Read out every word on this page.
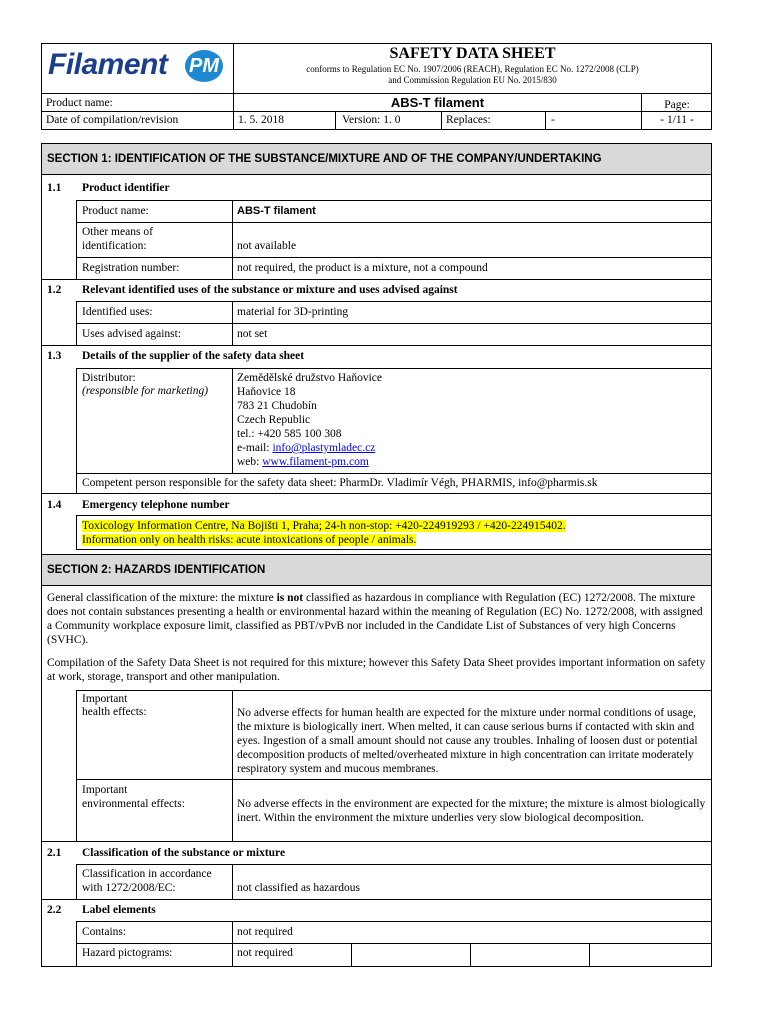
Filament PM
SAFETY DATA SHEET
conforms to Regulation EC No. 1907/2006 (REACH), Regulation EC No. 1272/2008 (CLP)
and Commission Regulation EU No. 2015/830
Product name:	ABS-T filament	Page:
- 1/11 -
Date of compilation/revision	1. 5. 2018	Version: 1. 0	Replaces:	-
SECTION 1: IDENTIFICATION OF THE SUBSTANCE/MIXTURE AND OF THE COMPANY/UNDERTAKING
1.1 Product identifier
Product name:	ABS-T filament
Other means of
identification:	not available
Registration number:	not required, the product is a mixture, not a compound
1.2 Relevant identified uses of the substance or mixture and uses advised against
Identified uses:	material for 3D-printing
Uses advised against:	not set
1.3 Details of the supplier of the safety data sheet
Distributor:
(responsible for marketing)
Zemědělské družstvo Haňovice
Haňovice 18
783 21 Chudobín
Czech Republic
tel.: +420 585 100 308
e-mail: info@plastymladec.cz
web: www.filament-pm.com
Competent person responsible for the safety data sheet: PharmDr. Vladimír Végh, PHARMIS, info@pharmis.sk
1.4 Emergency telephone number
Toxicology Information Centre, Na Bojišti 1, Praha; 24-h non-stop: +420-224919293 / +420-224915402.
Information only on health risks: acute intoxications of people / animals.
SECTION 2: HAZARDS IDENTIFICATION
General classification of the mixture: the mixture is not classified as hazardous in compliance with Regulation (EC) 1272/2008. The mixture does not contain substances presenting a health or environmental hazard within the meaning of Regulation (EC) No. 1272/2008, with assigned a Community workplace exposure limit, classified as PBT/vPvB nor included in the Candidate List of Substances of very high Concerns (SVHC).
Compilation of the Safety Data Sheet is not required for this mixture; however this Safety Data Sheet provides important information on safety at work, storage, transport and other manipulation.
Important
health effects:	No adverse effects for human health are expected for the mixture under normal conditions of usage, the mixture is biologically inert. When melted, it can cause serious burns if contacted with skin and eyes. Ingestion of a small amount should not cause any troubles. Inhaling of loosen dust or potential decomposition products of melted/overheated mixture in high concentration can irritate moderately respiratory system and mucous membranes.
Important
environmental effects:	No adverse effects in the environment are expected for the mixture; the mixture is almost biologically inert. Within the environment the mixture underlies very slow biological decomposition.
2.1 Classification of the substance or mixture
Classification in accordance
with 1272/2008/EC:	not classified as hazardous
2.2 Label elements
Contains:	not required
Hazard pictograms:	not required
